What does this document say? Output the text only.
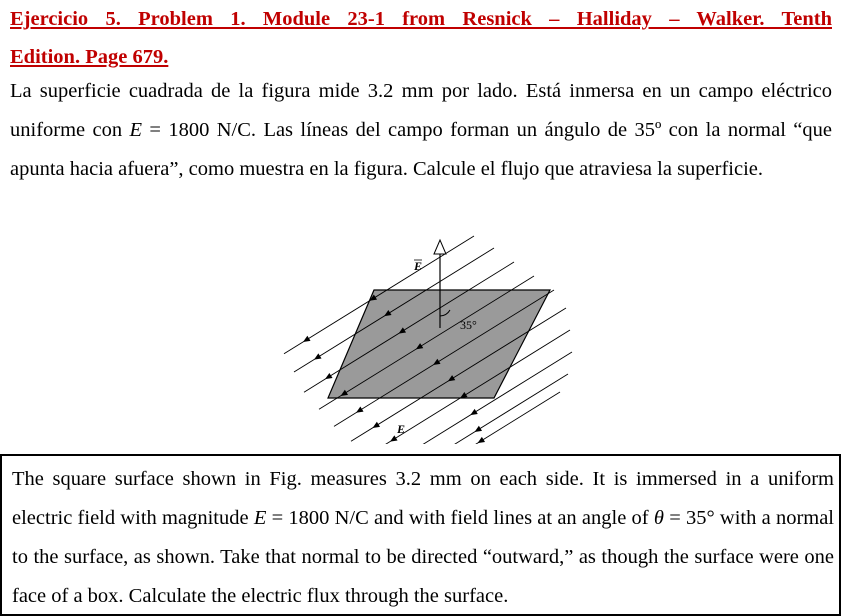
Ejercicio 5. Problem 1. Module 23-1 from Resnick – Halliday – Walker. Tenth
Edition. Page 679.
La superficie cuadrada de la figura mide 3.2 mm por lado. Está inmersa en un campo eléctrico uniforme con E = 1800 N/C. Las líneas del campo forman un ángulo de 35º con la normal “que apunta hacia afuera”, como muestra en la figura. Calcule el flujo que atraviesa la superficie.
E
E
35°

The square surface shown in Fig. measures 3.2 mm on each side. It is immersed in a uniform electric field with magnitude E = 1800 N/C and with field lines at an angle of θ = 35° with a normal to the surface, as shown. Take that normal to be directed “outward,” as though the surface were one face of a box. Calculate the electric flux through the surface.
